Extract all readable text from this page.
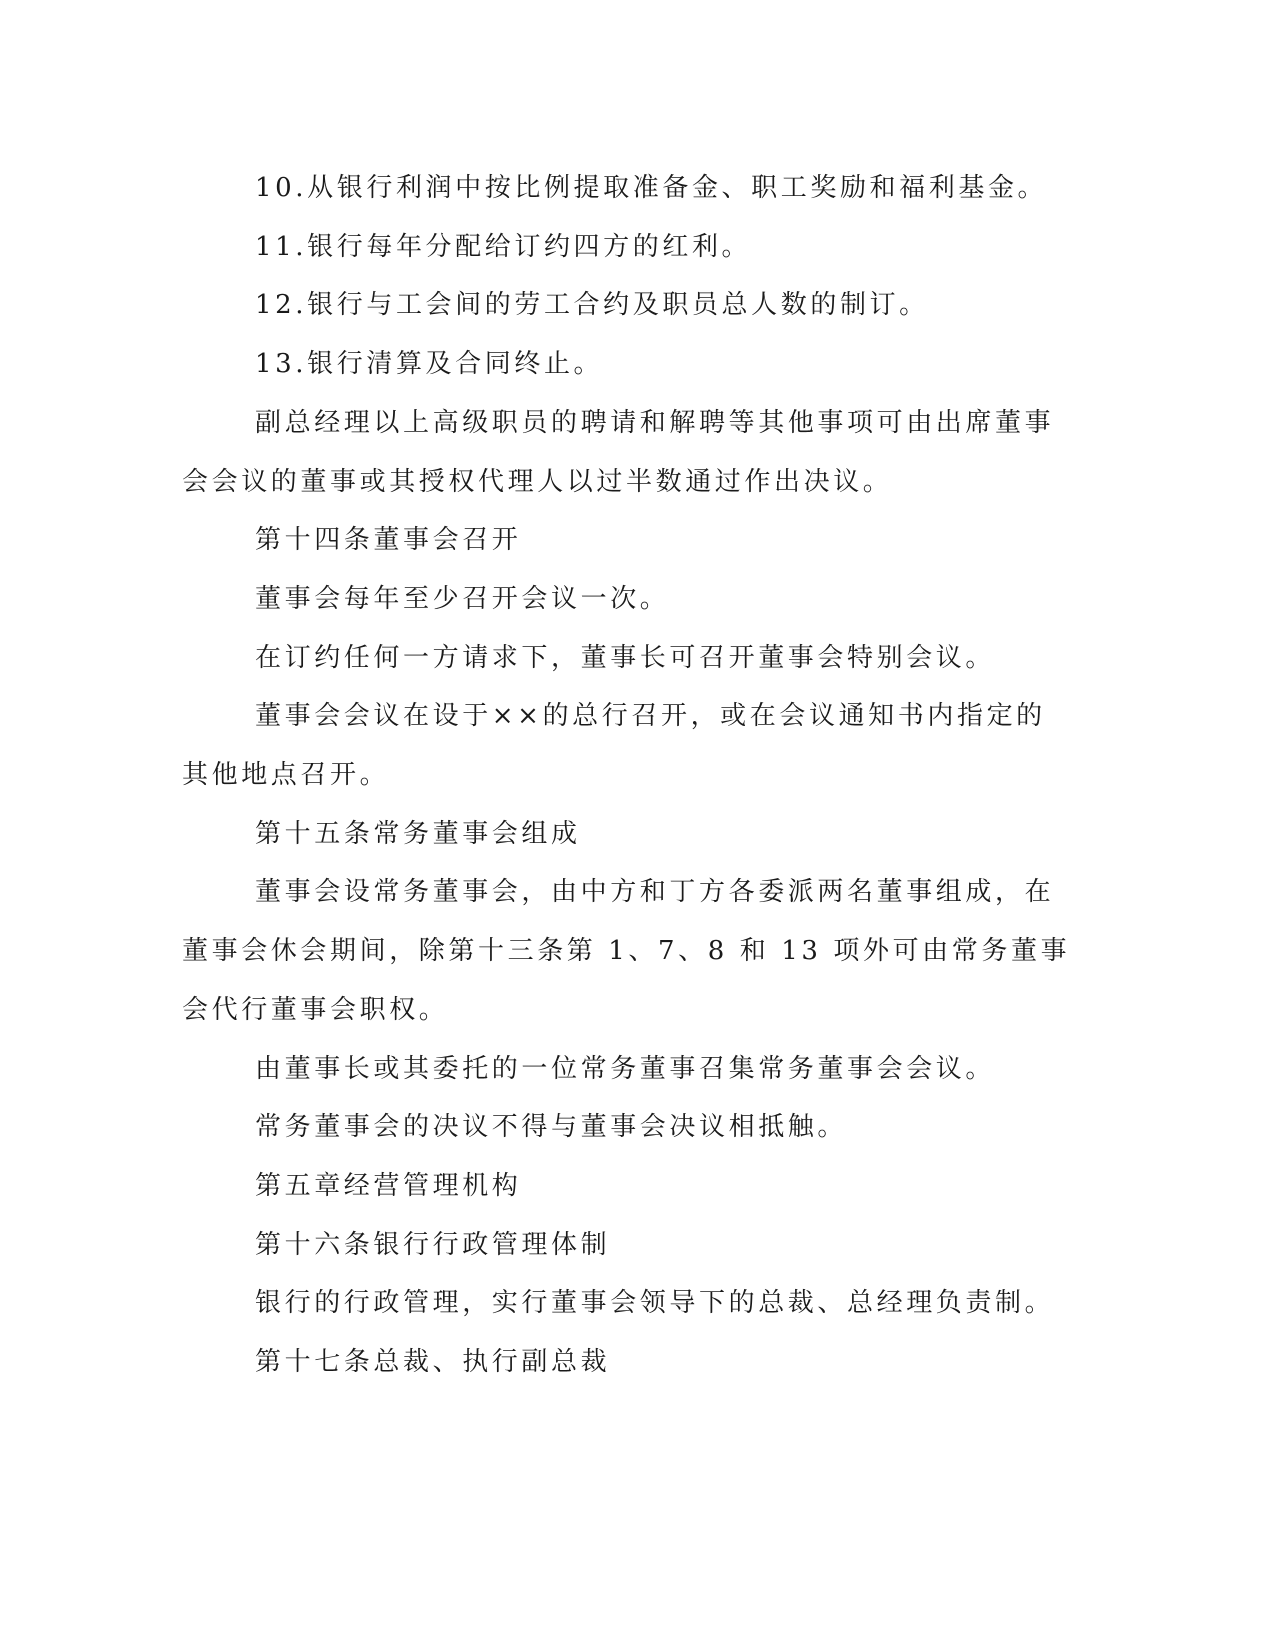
10.从银行利润中按比例提取准备金、职工奖励和福利基金。

11.银行每年分配给订约四方的红利。

12.银行与工会间的劳工合约及职员总人数的制订。

13.银行清算及合同终止。

副总经理以上高级职员的聘请和解聘等其他事项可由出席董事会会议的董事或其授权代理人以过半数通过作出决议。

第十四条董事会召开

董事会每年至少召开会议一次。

在订约任何一方请求下，董事长可召开董事会特别会议。

董事会会议在设于××的总行召开，或在会议通知书内指定的其他地点召开。

第十五条常务董事会组成

董事会设常务董事会，由中方和丁方各委派两名董事组成，在董事会休会期间，除第十三条第 1、7、8 和 13 项外可由常务董事会代行董事会职权。

由董事长或其委托的一位常务董事召集常务董事会会议。

常务董事会的决议不得与董事会决议相抵触。

第五章经营管理机构

第十六条银行行政管理体制

银行的行政管理，实行董事会领导下的总裁、总经理负责制。

第十七条总裁、执行副总裁
